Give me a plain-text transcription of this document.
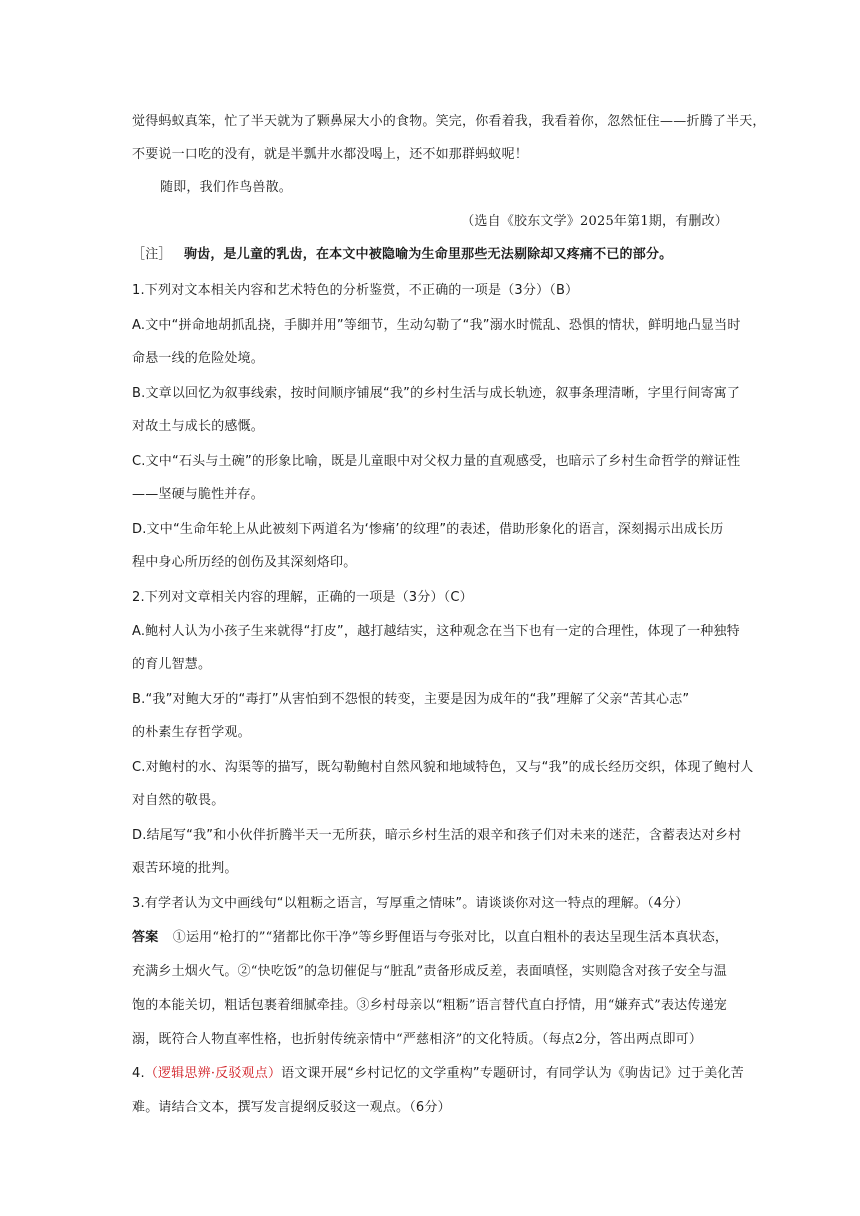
觉得蚂蚁真笨，忙了半天就为了颗鼻屎大小的食物。笑完，你看着我，我看着你，忽然怔住——折腾了半天，
不要说一口吃的没有，就是半瓢井水都没喝上，还不如那群蚂蚁呢！
随即，我们作鸟兽散。
（选自《胶东文学》2025年第1期，有删改）
［注］ 驹齿，是儿童的乳齿，在本文中被隐喻为生命里那些无法剔除却又疼痛不已的部分。
1.下列对文本相关内容和艺术特色的分析鉴赏，不正确的一项是（3分）（B）
A.文中“拼命地胡抓乱挠，手脚并用”等细节，生动勾勒了“我”溺水时慌乱、恐惧的情状，鲜明地凸显当时
命悬一线的危险处境。
B.文章以回忆为叙事线索，按时间顺序铺展“我”的乡村生活与成长轨迹，叙事条理清晰，字里行间寄寓了
对故土与成长的感慨。
C.文中“石头与土碗”的形象比喻，既是儿童眼中对父权力量的直观感受，也暗示了乡村生命哲学的辩证性
——坚硬与脆性并存。
D.文中“生命年轮上从此被刻下两道名为‘惨痛’的纹理”的表述，借助形象化的语言，深刻揭示出成长历
程中身心所历经的创伤及其深刻烙印。
2.下列对文章相关内容的理解，正确的一项是（3分）（C）
A.鲍村人认为小孩子生来就得“打皮”，越打越结实，这种观念在当下也有一定的合理性，体现了一种独特
的育儿智慧。
B.“我”对鲍大牙的“毒打”从害怕到不怨恨的转变，主要是因为成年的“我”理解了父亲“苦其心志”
的朴素生存哲学观。
C.对鲍村的水、沟渠等的描写，既勾勒鲍村自然风貌和地域特色，又与“我”的成长经历交织，体现了鲍村人
对自然的敬畏。
D.结尾写“我”和小伙伴折腾半天一无所获，暗示乡村生活的艰辛和孩子们对未来的迷茫，含蓄表达对乡村
艰苦环境的批判。
3.有学者认为文中画线句“以粗粝之语言，写厚重之情味”。请谈谈你对这一特点的理解。（4分）
答案 ①运用“枪打的”“猪都比你干净”等乡野俚语与夸张对比，以直白粗朴的表达呈现生活本真状态，
充满乡土烟火气。②“快吃饭”的急切催促与“脏乱”责备形成反差，表面嗔怪，实则隐含对孩子安全与温
饱的本能关切，粗话包裹着细腻牵挂。③乡村母亲以“粗粝”语言替代直白抒情，用“嫌弃式”表达传递宠
溺，既符合人物直率性格，也折射传统亲情中“严慈相济”的文化特质。（每点2分，答出两点即可）
4.（逻辑思辨·反驳观点）语文课开展“乡村记忆的文学重构”专题研讨，有同学认为《驹齿记》过于美化苦
难。请结合文本，撰写发言提纲反驳这一观点。（6分）
